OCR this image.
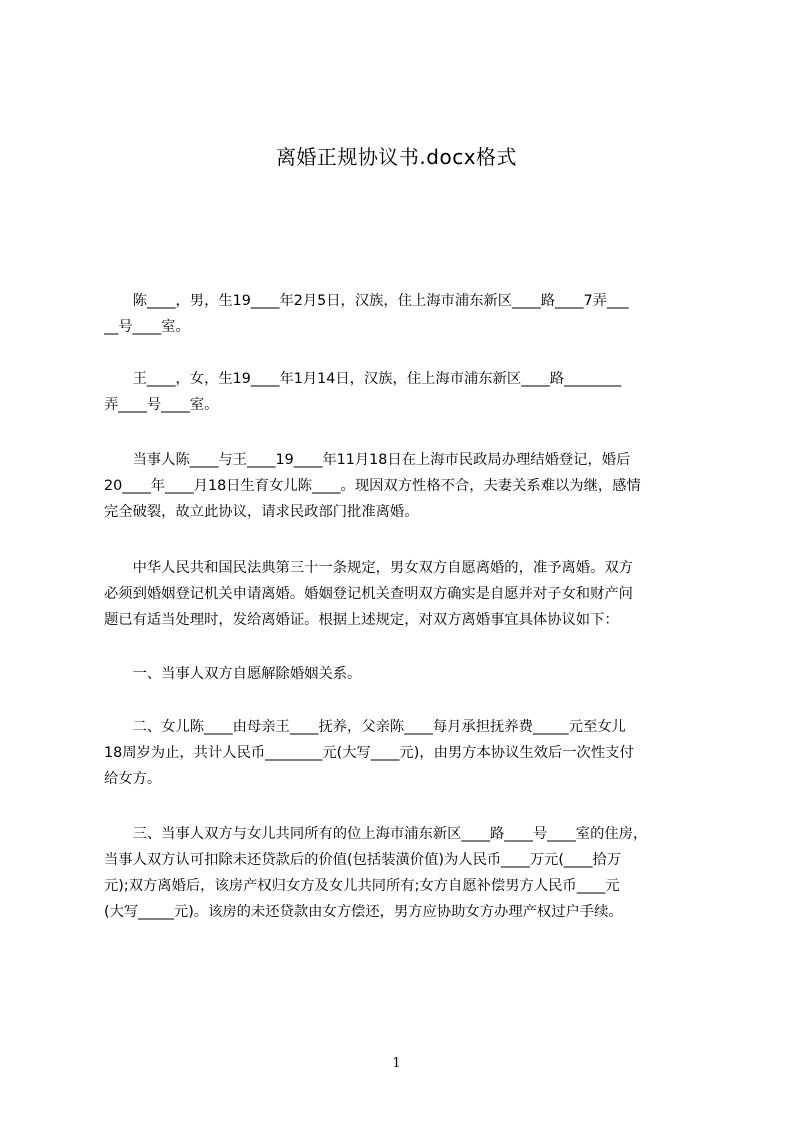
离婚正规协议书.docx格式
　　陈____，男，生19____年2月5日，汉族，住上海市浦东新区____路____7弄___
__号____室。
　　王____，女，生19____年1月14日，汉族，住上海市浦东新区____路________
弄____号____室。
　　当事人陈____与王____19____年11月18日在上海市民政局办理结婚登记，婚后
20____年____月18日生育女儿陈____。现因双方性格不合，夫妻关系难以为继，感情
完全破裂，故立此协议，请求民政部门批准离婚。
　　中华人民共和国民法典第三十一条规定，男女双方自愿离婚的，准予离婚。双方
必须到婚姻登记机关申请离婚。婚姻登记机关查明双方确实是自愿并对子女和财产问
题已有适当处理时，发给离婚证。根据上述规定，对双方离婚事宜具体协议如下：
　　一、当事人双方自愿解除婚姻关系。
　　二、女儿陈____由母亲王____抚养，父亲陈____每月承担抚养费_____元至女儿
18周岁为止，共计人民币________元(大写____元)，由男方本协议生效后一次性支付
给女方。
　　三、当事人双方与女儿共同所有的位上海市浦东新区____路____号____室的住房，
当事人双方认可扣除未还贷款后的价值(包括装潢价值)为人民币____万元(____拾万
元);双方离婚后，该房产权归女方及女儿共同所有;女方自愿补偿男方人民币____元
(大写_____元)。该房的未还贷款由女方偿还，男方应协助女方办理产权过户手续。
1
